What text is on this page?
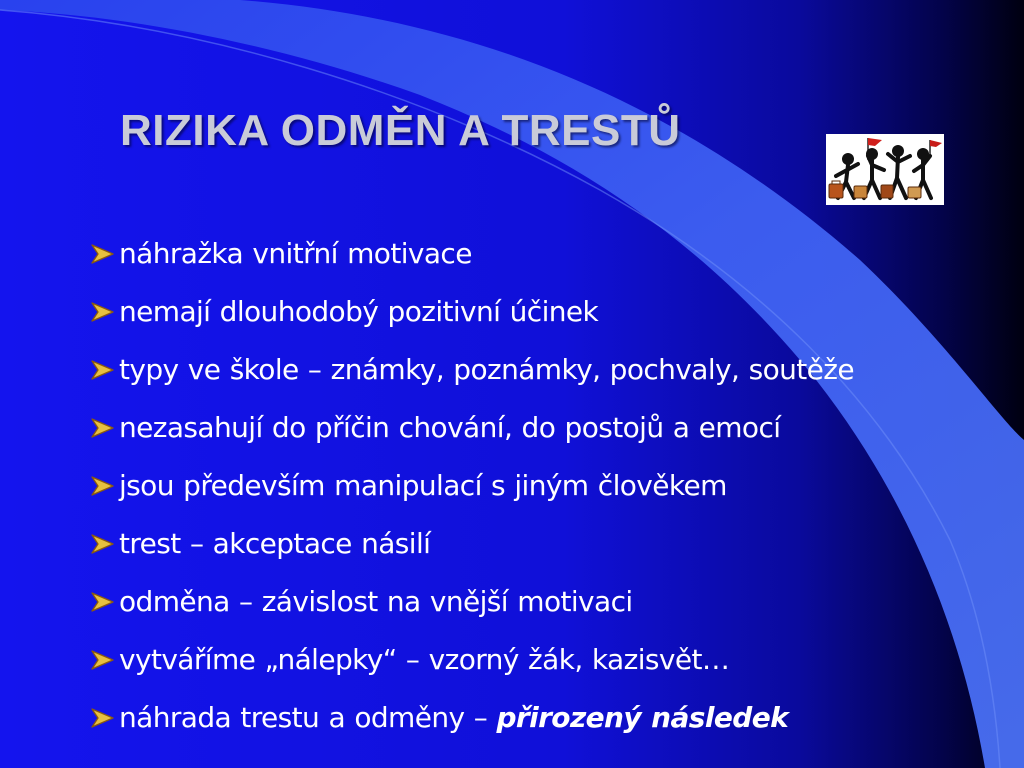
RIZIKA ODMĚN A TRESTŮ
náhražka vnitřní motivace
nemají dlouhodobý pozitivní účinek
typy ve škole – známky, poznámky, pochvaly, soutěže
nezasahují do příčin chování, do postojů a emocí
jsou především manipulací s jiným člověkem
trest – akceptace násilí
odměna – závislost na vnější motivaci
vytváříme „nálepky“ – vzorný žák, kazisvět…
náhrada trestu a odměny – přirozený následek
